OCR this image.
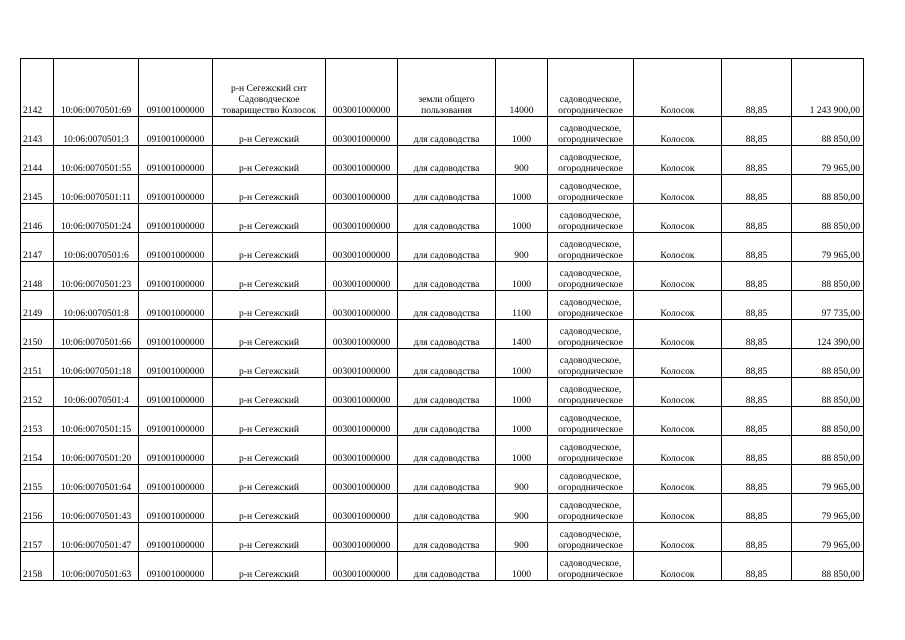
2142	10:06:0070501:69	091001000000	р-н Сегежский снт Садоводческое товарищество Колосок	003001000000	земли общего пользования	14000	садоводческое, огородническое	Колосок	88,85	1 243 900,00
2143	10:06:0070501:3	091001000000	р-н Сегежский	003001000000	для садоводства	1000	садоводческое, огородническое	Колосок	88,85	88 850,00
2144	10:06:0070501:55	091001000000	р-н Сегежский	003001000000	для садоводства	900	садоводческое, огородническое	Колосок	88,85	79 965,00
2145	10:06:0070501:11	091001000000	р-н Сегежский	003001000000	для садоводства	1000	садоводческое, огородническое	Колосок	88,85	88 850,00
2146	10:06:0070501:24	091001000000	р-н Сегежский	003001000000	для садоводства	1000	садоводческое, огородническое	Колосок	88,85	88 850,00
2147	10:06:0070501:6	091001000000	р-н Сегежский	003001000000	для садоводства	900	садоводческое, огородническое	Колосок	88,85	79 965,00
2148	10:06:0070501:23	091001000000	р-н Сегежский	003001000000	для садоводства	1000	садоводческое, огородническое	Колосок	88,85	88 850,00
2149	10:06:0070501:8	091001000000	р-н Сегежский	003001000000	для садоводства	1100	садоводческое, огородническое	Колосок	88,85	97 735,00
2150	10:06:0070501:66	091001000000	р-н Сегежский	003001000000	для садоводства	1400	садоводческое, огородническое	Колосок	88,85	124 390,00
2151	10:06:0070501:18	091001000000	р-н Сегежский	003001000000	для садоводства	1000	садоводческое, огородническое	Колосок	88,85	88 850,00
2152	10:06:0070501:4	091001000000	р-н Сегежский	003001000000	для садоводства	1000	садоводческое, огородническое	Колосок	88,85	88 850,00
2153	10:06:0070501:15	091001000000	р-н Сегежский	003001000000	для садоводства	1000	садоводческое, огородническое	Колосок	88,85	88 850,00
2154	10:06:0070501:20	091001000000	р-н Сегежский	003001000000	для садоводства	1000	садоводческое, огородническое	Колосок	88,85	88 850,00
2155	10:06:0070501:64	091001000000	р-н Сегежский	003001000000	для садоводства	900	садоводческое, огородническое	Колосок	88,85	79 965,00
2156	10:06:0070501:43	091001000000	р-н Сегежский	003001000000	для садоводства	900	садоводческое, огородническое	Колосок	88,85	79 965,00
2157	10:06:0070501:47	091001000000	р-н Сегежский	003001000000	для садоводства	900	садоводческое, огородническое	Колосок	88,85	79 965,00
2158	10:06:0070501:63	091001000000	р-н Сегежский	003001000000	для садоводства	1000	садоводческое, огородническое	Колосок	88,85	88 850,00
